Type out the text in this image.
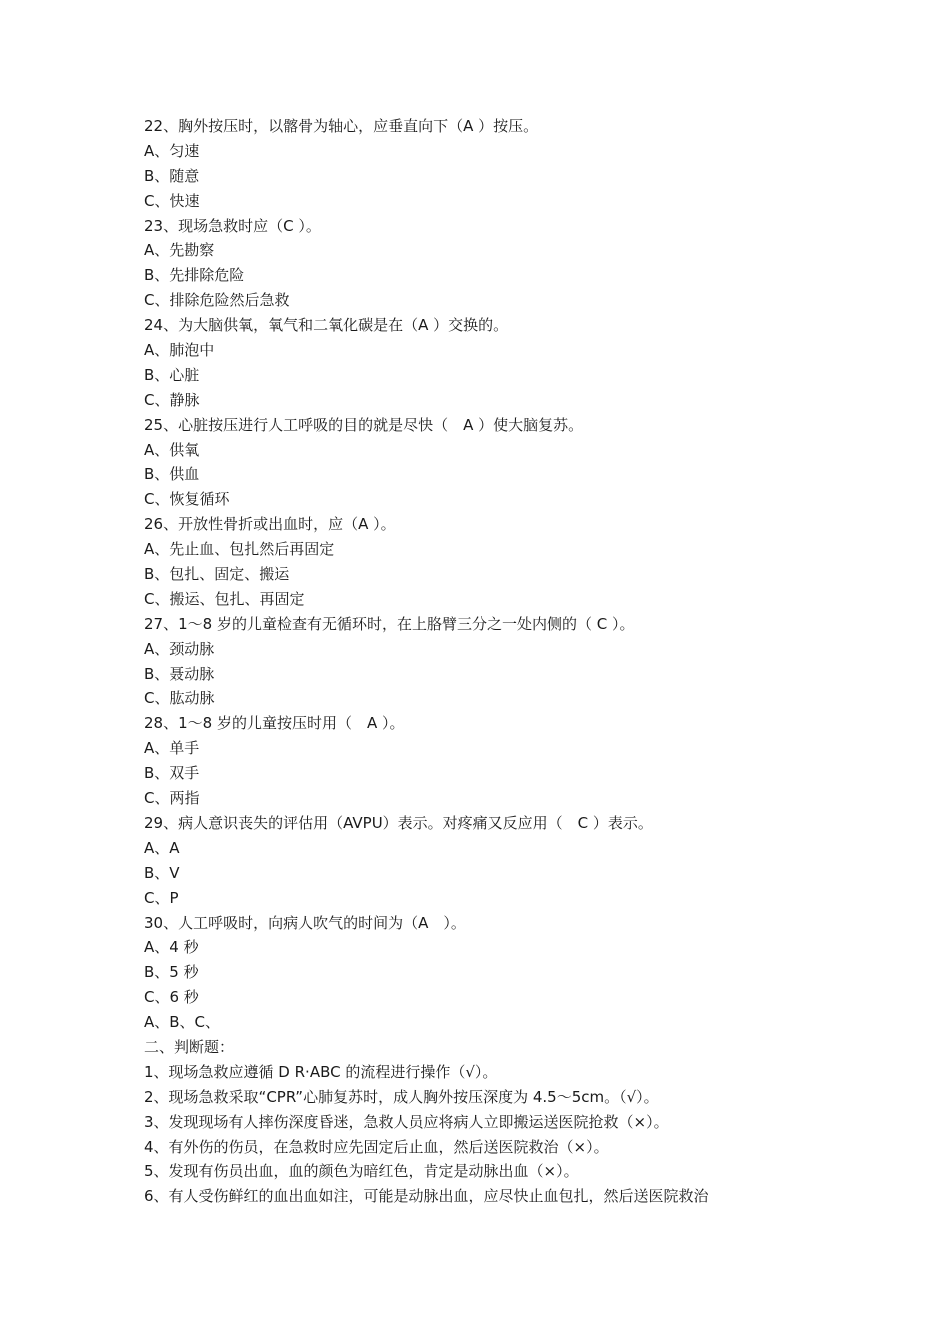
22、胸外按压时，以髂骨为轴心，应垂直向下（A ）按压。
A、匀速
B、随意
C、快速
23、现场急救时应（C ）。
A、先勘察
B、先排除危险
C、排除危险然后急救
24、为大脑供氧，氧气和二氧化碳是在（A ）交换的。
A、肺泡中
B、心脏
C、静脉
25、心脏按压进行人工呼吸的目的就是尽快（　A ）使大脑复苏。
A、供氧
B、供血
C、恢复循环
26、开放性骨折或出血时，应（A ）。
A、先止血、包扎然后再固定
B、包扎、固定、搬运
C、搬运、包扎、再固定
27、1～8 岁的儿童检查有无循环时，在上胳臂三分之一处内侧的（ C ）。
A、颈动脉
B、聂动脉
C、肱动脉
28、1～8 岁的儿童按压时用（　A ）。
A、单手
B、双手
C、两指
29、病人意识丧失的评估用（AVPU）表示。对疼痛又反应用（　C ）表示。
A、A
B、V
C、P
30、人工呼吸时，向病人吹气的时间为（A　）。
A、4 秒
B、5 秒
C、6 秒
A、B、C、
二、判断题：
1、现场急救应遵循 D R·ABC 的流程进行操作（√）。
2、现场急救采取“CPR”心肺复苏时，成人胸外按压深度为 4.5～5cm。（√）。
3、发现现场有人摔伤深度昏迷，急救人员应将病人立即搬运送医院抢救（×）。
4、有外伤的伤员，在急救时应先固定后止血，然后送医院救治（×）。
5、发现有伤员出血，血的颜色为暗红色，肯定是动脉出血（×）。
6、有人受伤鲜红的血出血如注，可能是动脉出血，应尽快止血包扎，然后送医院救治
